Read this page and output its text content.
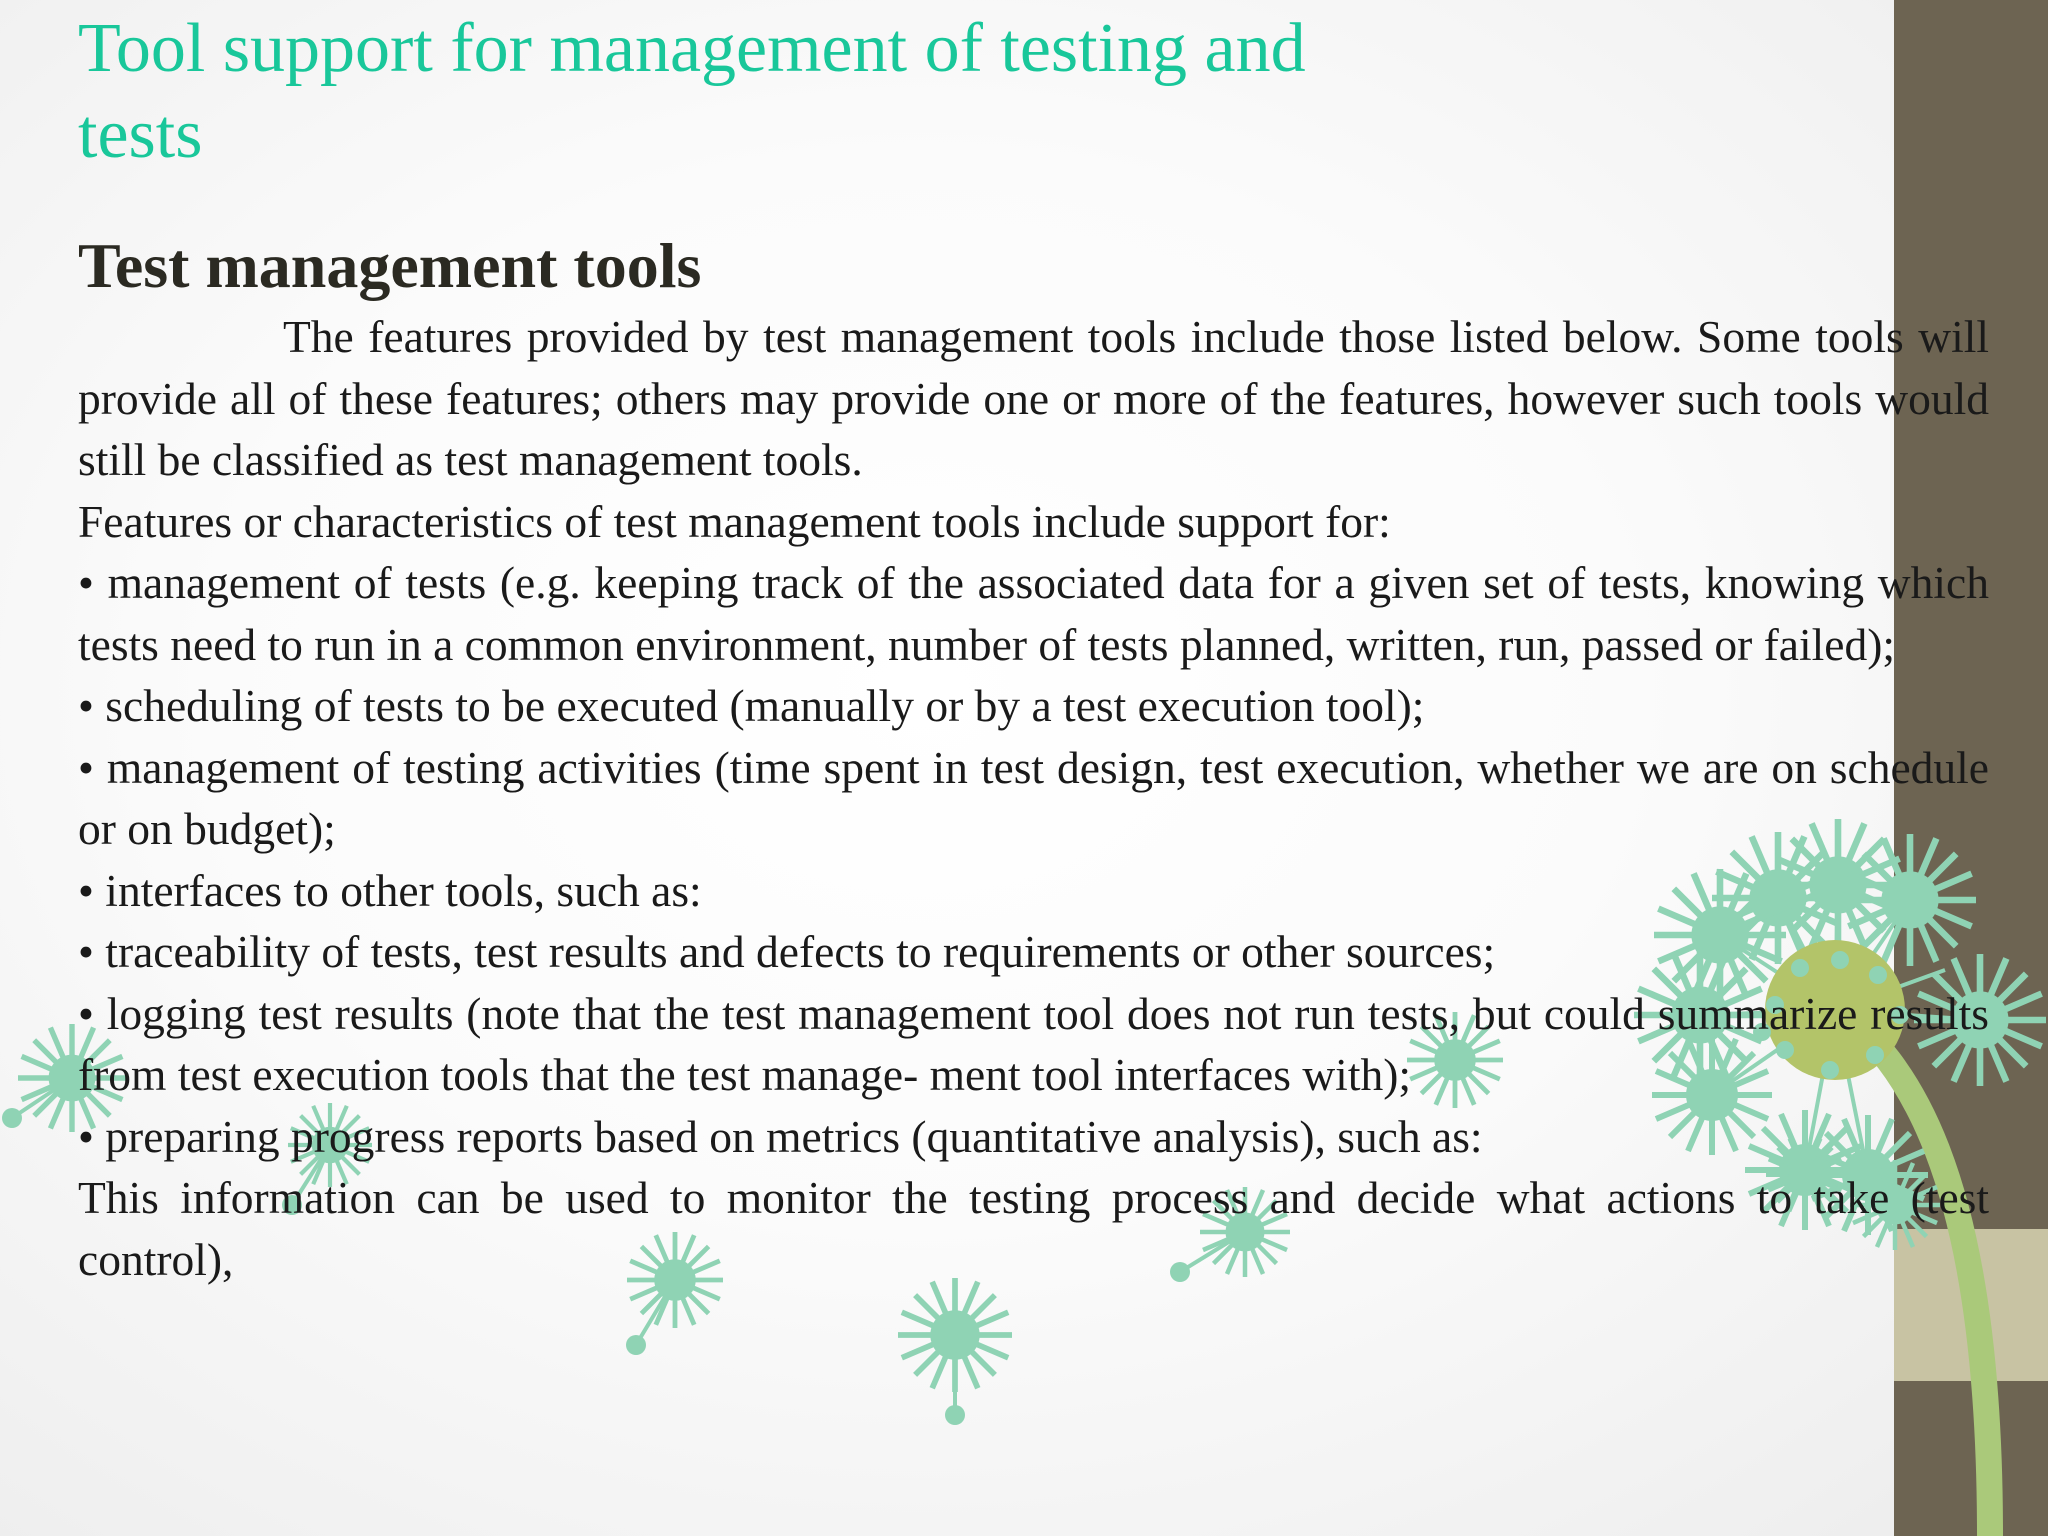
Tool support for management of testing and tests
Test management tools

The features provided by test management tools include those listed below. Some tools will provide all of these features; others may provide one or more of the features, however such tools would still be classified as test management tools.

Features or characteristics of test management tools include support for:

• management of tests (e.g. keeping track of the associated data for a given set of tests, knowing which tests need to run in a common environment, number of tests planned, written, run, passed or failed);

• scheduling of tests to be executed (manually or by a test execution tool);

• management of testing activities (time spent in test design, test execution, whether we are on schedule or on budget);

• interfaces to other tools, such as:

• traceability of tests, test results and defects to requirements or other sources;

• logging test results (note that the test management tool does not run tests, but could summarize results from test execution tools that the test manage- ment tool interfaces with);

• preparing progress reports based on metrics (quantitative analysis), such as:

This information can be used to monitor the testing process and decide what actions to take (test control),
